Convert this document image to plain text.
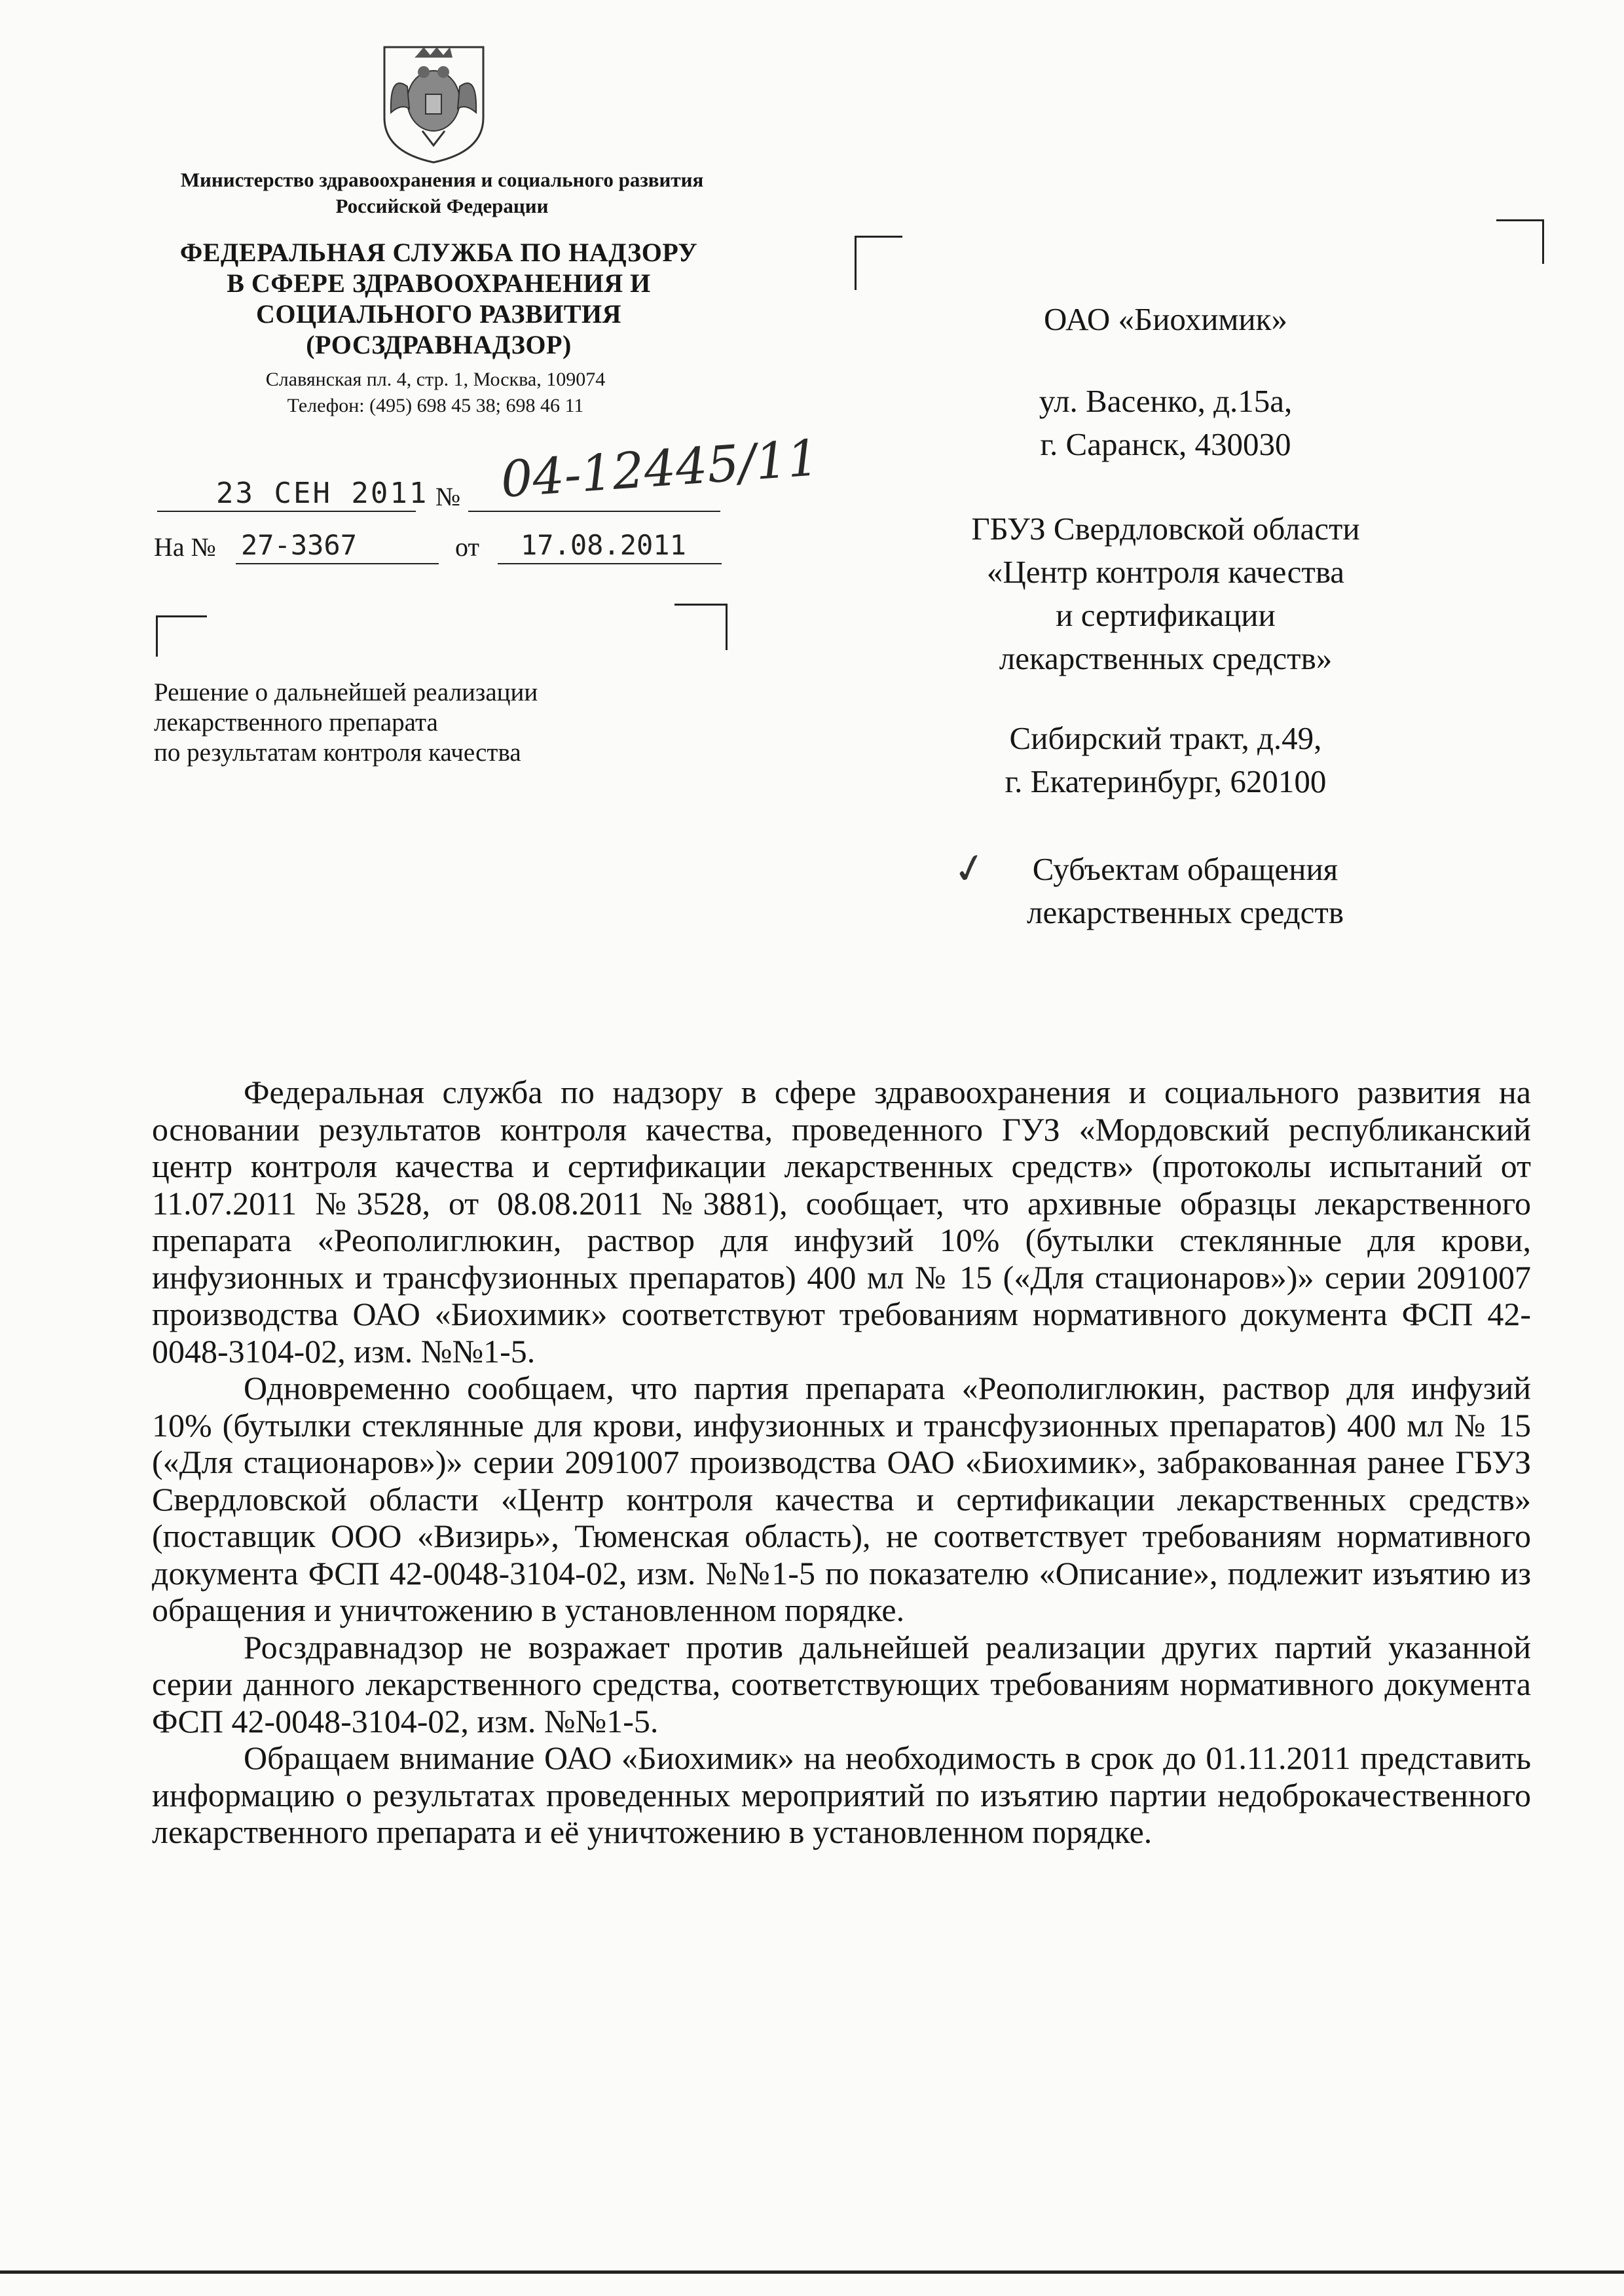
Министерство здравоохранения и социального развития Российской Федерации
ФЕДЕРАЛЬНАЯ СЛУЖБА ПО НАДЗОРУ
В СФЕРЕ ЗДРАВООХРАНЕНИЯ И
СОЦИАЛЬНОГО РАЗВИТИЯ
(РОСЗДРАВНАДЗОР)
Славянская пл. 4, стр. 1, Москва, 109074
Телефон: (495) 698 45 38; 698 46 11
23 СЕН 2011 № 04-12445/11
На № 27-3367	от 17.08.2011
Решение о дальнейшей реализации
лекарственного препарата
по результатам контроля качества
ОАО «Биохимик»
ул. Васенко, д.15а,
г. Саранск, 430030
ГБУЗ Свердловской области
«Центр контроля качества
и сертификации
лекарственных средств»
Сибирский тракт, д.49,
г. Екатеринбург, 620100
✓	Субъектам обращения
лекарственных средств

Федеральная служба по надзору в сфере здравоохранения и социального развития на основании результатов контроля качества, проведенного ГУЗ «Мордовский республиканский центр контроля качества и сертификации лекарственных средств» (протоколы испытаний от 11.07.2011 №3528, от 08.08.2011 №3881), сообщает, что архивные образцы лекарственного препарата «Реополиглюкин, раствор для инфузий 10% (бутылки стеклянные для крови, инфузионных и трансфузионных препаратов) 400 мл № 15 («Для стационаров»)» серии 2091007 производства ОАО «Биохимик» соответствуют требованиям нормативного документа ФСП 42-0048-3104-02, изм. №№1-5.

Одновременно сообщаем, что партия препарата «Реополиглюкин, раствор для инфузий 10% (бутылки стеклянные для крови, инфузионных и трансфузионных препаратов) 400 мл № 15 («Для стационаров»)» серии 2091007 производства ОАО «Биохимик», забракованная ранее ГБУЗ Свердловской области «Центр контроля качества и сертификации лекарственных средств» (поставщик ООО «Визирь», Тюменская область), не соответствует требованиям нормативного документа ФСП 42-0048-3104-02, изм. №№1-5 по показателю «Описание», подлежит изъятию из обращения и уничтожению в установленном порядке.

Росздравнадзор не возражает против дальнейшей реализации других партий указанной серии данного лекарственного средства, соответствующих требованиям нормативного документа ФСП 42-0048-3104-02, изм. №№1-5.

Обращаем внимание ОАО «Биохимик» на необходимость в срок до 01.11.2011 представить информацию о результатах проведенных мероприятий по изъятию партии недоброкачественного лекарственного препарата и её уничтожению в установленном порядке.
